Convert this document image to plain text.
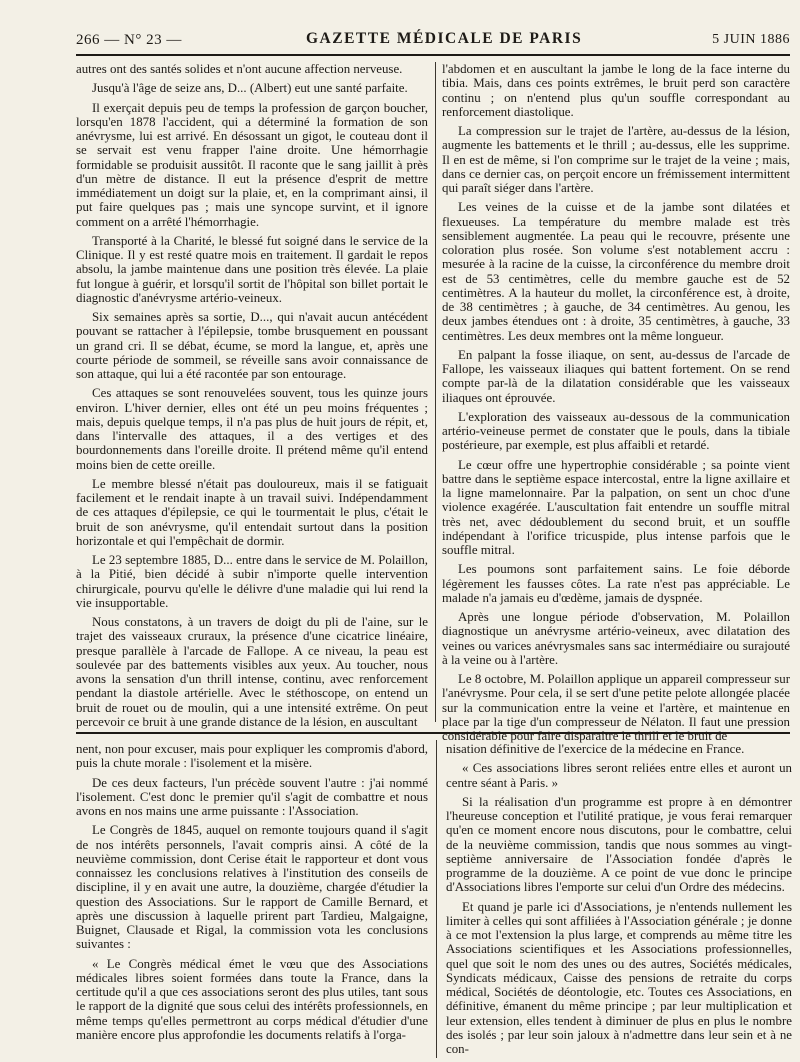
266 — N° 23 —	GAZETTE MÉDICALE DE PARIS	5 JUIN 1886

autres ont des santés solides et n'ont aucune affection nerveuse.

Jusqu'à l'âge de seize ans, D... (Albert) eut une santé parfaite.

Il exerçait depuis peu de temps la profession de garçon boucher, lorsqu'en 1878 l'accident, qui a déterminé la formation de son anévrysme, lui est arrivé. En désossant un gigot, le couteau dont il se servait est venu frapper l'aine droite. Une hémorrhagie formidable se produisit aussitôt. Il raconte que le sang jaillit à près d'un mètre de distance. Il eut la présence d'esprit de mettre immédiatement un doigt sur la plaie, et, en la comprimant ainsi, il put faire quelques pas ; mais une syncope survint, et il ignore comment on a arrêté l'hémorrhagie.

Transporté à la Charité, le blessé fut soigné dans le service de la Clinique. Il y est resté quatre mois en traitement. Il gardait le repos absolu, la jambe maintenue dans une position très élevée. La plaie fut longue à guérir, et lorsqu'il sortit de l'hôpital son billet portait le diagnostic d'anévrysme artério-veineux.

Six semaines après sa sortie, D..., qui n'avait aucun antécédent pouvant se rattacher à l'épilepsie, tombe brusquement en poussant un grand cri. Il se débat, écume, se mord la langue, et, après une courte période de sommeil, se réveille sans avoir connaissance de son attaque, qui lui a été racontée par son entourage.

Ces attaques se sont renouvelées souvent, tous les quinze jours environ. L'hiver dernier, elles ont été un peu moins fréquentes ; mais, depuis quelque temps, il n'a pas plus de huit jours de répit, et, dans l'intervalle des attaques, il a des vertiges et des bourdonnements dans l'oreille droite. Il prétend même qu'il entend moins bien de cette oreille.

Le membre blessé n'était pas douloureux, mais il se fatiguait facilement et le rendait inapte à un travail suivi. Indépendamment de ces attaques d'épilepsie, ce qui le tourmentait le plus, c'était le bruit de son anévrysme, qu'il entendait surtout dans la position horizontale et qui l'empêchait de dormir.

Le 23 septembre 1885, D... entre dans le service de M. Polaillon, à la Pitié, bien décidé à subir n'importe quelle intervention chirurgicale, pourvu qu'elle le délivre d'une maladie qui lui rend la vie insupportable.

Nous constatons, à un travers de doigt du pli de l'aine, sur le trajet des vaisseaux cruraux, la présence d'une cicatrice linéaire, presque parallèle à l'arcade de Fallope. A ce niveau, la peau est soulevée par des battements visibles aux yeux. Au toucher, nous avons la sensation d'un thrill intense, continu, avec renforcement pendant la diastole artérielle. Avec le stéthoscope, on entend un bruit de rouet ou de moulin, qui a une intensité extrême. On peut percevoir ce bruit à une grande distance de la lésion, en auscultant

l'abdomen et en auscultant la jambe le long de la face interne du tibia. Mais, dans ces points extrêmes, le bruit perd son caractère continu ; on n'entend plus qu'un souffle correspondant au renforcement diastolique.

La compression sur le trajet de l'artère, au-dessus de la lésion, augmente les battements et le thrill ; au-dessus, elle les supprime. Il en est de même, si l'on comprime sur le trajet de la veine ; mais, dans ce dernier cas, on perçoit encore un frémissement intermittent qui paraît siéger dans l'artère.

Les veines de la cuisse et de la jambe sont dilatées et flexueuses. La température du membre malade est très sensiblement augmentée. La peau qui le recouvre, présente une coloration plus rosée. Son volume s'est notablement accru : mesurée à la racine de la cuisse, la circonférence du membre droit est de 53 centimètres, celle du membre gauche est de 52 centimètres. A la hauteur du mollet, la circonférence est, à droite, de 38 centimètres ; à gauche, de 34 centimètres. Au genou, les deux jambes étendues ont : à droite, 35 centimètres, à gauche, 33 centimètres. Les deux membres ont la même longueur.

En palpant la fosse iliaque, on sent, au-dessus de l'arcade de Fallope, les vaisseaux iliaques qui battent fortement. On se rend compte par-là de la dilatation considérable que les vaisseaux iliaques ont éprouvée.

L'exploration des vaisseaux au-dessous de la communication artério-veineuse permet de constater que le pouls, dans la tibiale postérieure, par exemple, est plus affaibli et retardé.

Le cœur offre une hypertrophie considérable ; sa pointe vient battre dans le septième espace intercostal, entre la ligne axillaire et la ligne mamelonnaire. Par la palpation, on sent un choc d'une violence exagérée. L'auscultation fait entendre un souffle mitral très net, avec dédoublement du second bruit, et un souffle indépendant à l'orifice tricuspide, plus intense parfois que le souffle mitral.

Les poumons sont parfaitement sains. Le foie déborde légèrement les fausses côtes. La rate n'est pas appréciable. Le malade n'a jamais eu d'œdème, jamais de dyspnée.

Après une longue période d'observation, M. Polaillon diagnostique un anévrysme artério-veineux, avec dilatation des veines ou varices anévrysmales sans sac intermédiaire ou surajouté à la veine ou à l'artère.

Le 8 octobre, M. Polaillon applique un appareil compresseur sur l'anévrysme. Pour cela, il se sert d'une petite pelote allongée placée sur la communication entre la veine et l'artère, et maintenue en place par la tige d'un compresseur de Nélaton. Il faut une pression considérable pour faire disparaître le thrill et le bruit de

nent, non pour excuser, mais pour expliquer les compromis d'abord, puis la chute morale : l'isolement et la misère.

De ces deux facteurs, l'un précède souvent l'autre : j'ai nommé l'isolement. C'est donc le premier qu'il s'agit de combattre et nous avons en nos mains une arme puissante : l'Association.

Le Congrès de 1845, auquel on remonte toujours quand il s'agit de nos intérêts personnels, l'avait compris ainsi. A côté de la neuvième commission, dont Cerise était le rapporteur et dont vous connaissez les conclusions relatives à l'institution des conseils de discipline, il y en avait une autre, la douzième, chargée d'étudier la question des Associations. Sur le rapport de Camille Bernard, et après une discussion à laquelle prirent part Tardieu, Malgaigne, Buignet, Clausade et Rigal, la commission vota les conclusions suivantes :

« Le Congrès médical émet le vœu que des Associations médicales libres soient formées dans toute la France, dans la certitude qu'il a que ces associations seront des plus utiles, tant sous le rapport de la dignité que sous celui des intérêts professionnels, en même temps qu'elles permettront au corps médical d'étudier d'une manière encore plus approfondie les documents relatifs à l'orga-

nisation définitive de l'exercice de la médecine en France.

« Ces associations libres seront reliées entre elles et auront un centre séant à Paris. »

Si la réalisation d'un programme est propre à en démontrer l'heureuse conception et l'utilité pratique, je vous ferai remarquer qu'en ce moment encore nous discutons, pour le combattre, celui de la neuvième commission, tandis que nous sommes au vingt-septième anniversaire de l'Association fondée d'après le programme de la douzième. A ce point de vue donc le principe d'Associations libres l'emporte sur celui d'un Ordre des médecins.

Et quand je parle ici d'Associations, je n'entends nullement les limiter à celles qui sont affiliées à l'Association générale ; je donne à ce mot l'extension la plus large, et comprends au même titre les Associations scientifiques et les Associations professionnelles, quel que soit le nom des unes ou des autres, Sociétés médicales, Syndicats médicaux, Caisse des pensions de retraite du corps médical, Sociétés de déontologie, etc. Toutes ces Associations, en définitive, émanent du même principe ; par leur multiplication et leur extension, elles tendent à diminuer de plus en plus le nombre des isolés ; par leur soin jaloux à n'admettre dans leur sein et à ne con-
